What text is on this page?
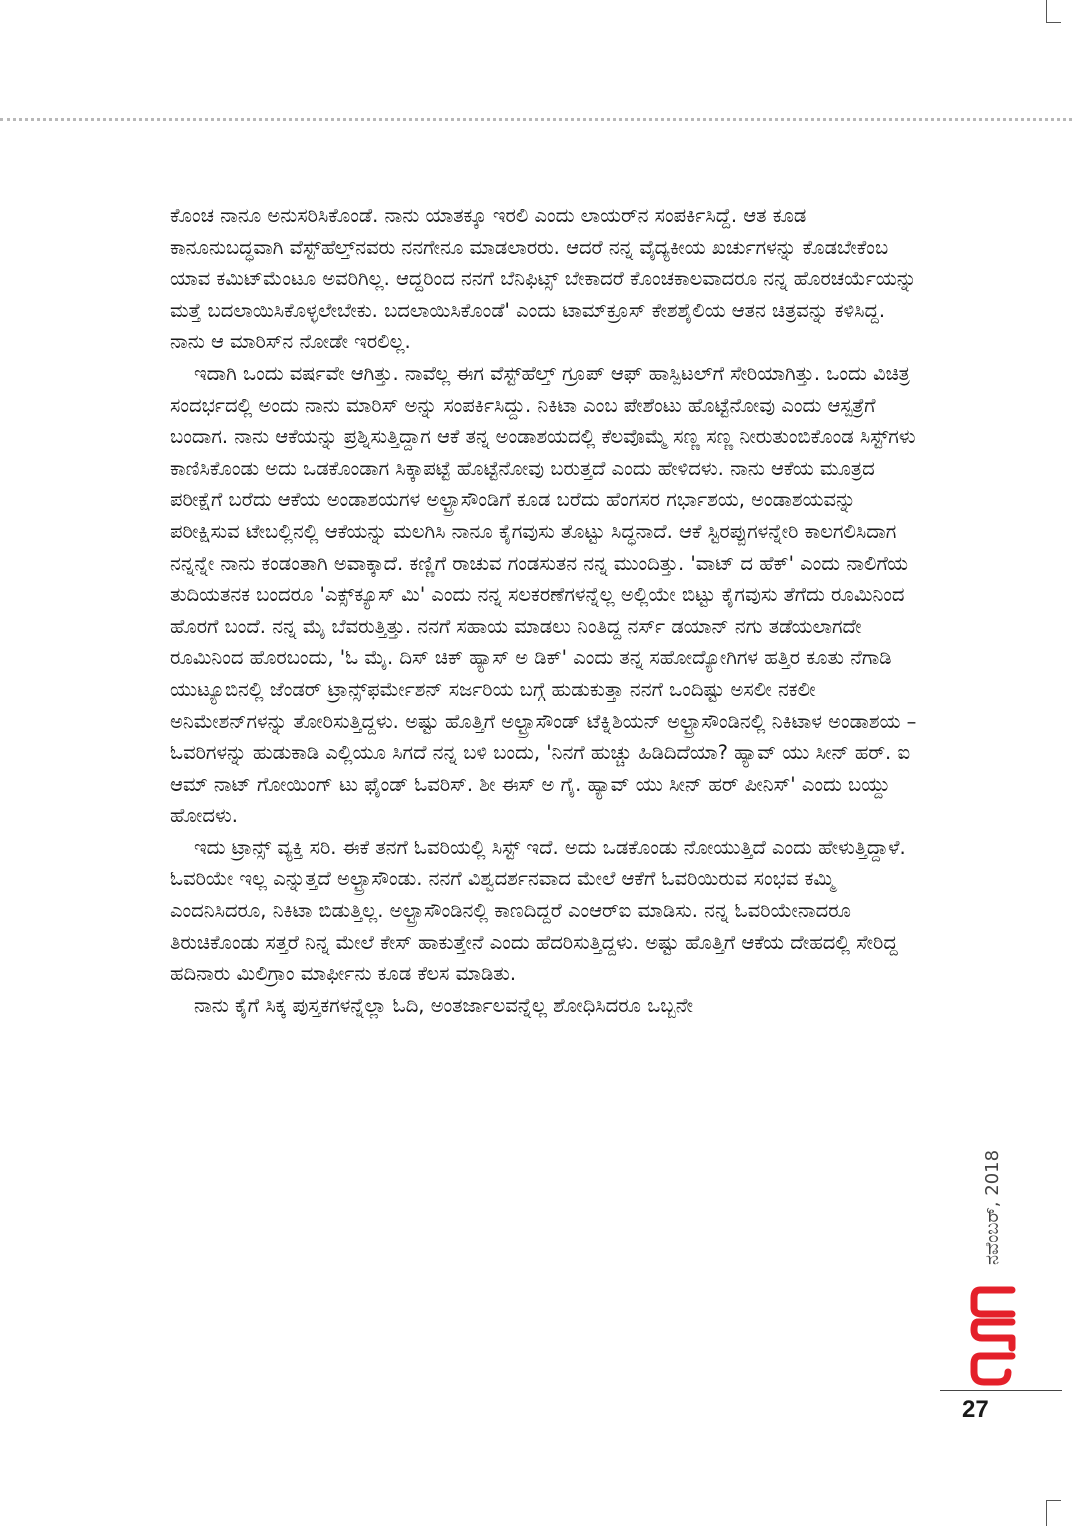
ಕೊಂಚ ನಾನೂ ಅನುಸರಿಸಿಕೊಂಡೆ. ನಾನು ಯಾತಕ್ಕೂ ಇರಲಿ ಎಂದು ಲಾಯರ್‌ನ ಸಂಪರ್ಕಿಸಿದ್ದೆ. ಆತ ಕೂಡ ಕಾನೂನುಬದ್ಧವಾಗಿ ವೆಸ್ಟ್‌ಹೆಲ್ತ್‌ನವರು ನನಗೇನೂ ಮಾಡಲಾರರು. ಆದರೆ ನನ್ನ ವೈದ್ಯಕೀಯ ಖರ್ಚುಗಳನ್ನು ಕೊಡಬೇಕೆಂಬ ಯಾವ ಕಮಿಟ್‌ಮೆಂಟೂ ಅವರಿಗಿಲ್ಲ. ಆದ್ದರಿಂದ ನನಗೆ ಬೆನಿಫಿಟ್ಸ್ ಬೇಕಾದರೆ ಕೊಂಚಕಾಲವಾದರೂ ನನ್ನ ಹೊರಚರ್ಯೆಯನ್ನು ಮತ್ತೆ ಬದಲಾಯಿಸಿಕೊಳ್ಳಲೇಬೇಕು. ಬದಲಾಯಿಸಿಕೊಂಡೆ' ಎಂದು ಟಾಮ್‌ಕ್ರೂಸ್ ಕೇಶಶೈಲಿಯ ಆತನ ಚಿತ್ರವನ್ನು ಕಳಿಸಿದ್ದ. ನಾನು ಆ ಮಾರಿಸ್‌ನ ನೋಡೇ ಇರಲಿಲ್ಲ.

ಇದಾಗಿ ಒಂದು ವರ್ಷವೇ ಆಗಿತ್ತು. ನಾವೆಲ್ಲ ಈಗ ವೆಸ್ಟ್‌ಹೆಲ್ತ್ ಗ್ರೂಪ್ ಆಫ್ ಹಾಸ್ಪಿಟಲ್‌ಗೆ ಸೇರಿಯಾಗಿತ್ತು. ಒಂದು ವಿಚಿತ್ರ ಸಂದರ್ಭದಲ್ಲಿ ಅಂದು ನಾನು ಮಾರಿಸ್ ಅನ್ನು ಸಂಪರ್ಕಿಸಿದ್ದು. ನಿಕಿಟಾ ಎಂಬ ಪೇಶೆಂಟು ಹೊಟ್ಟೆನೋವು ಎಂದು ಆಸ್ಪತ್ರೆಗೆ ಬಂದಾಗ. ನಾನು ಆಕೆಯನ್ನು ಪ್ರಶ್ನಿಸುತ್ತಿದ್ದಾಗ ಆಕೆ ತನ್ನ ಅಂಡಾಶಯದಲ್ಲಿ ಕೆಲವೊಮ್ಮೆ ಸಣ್ಣ ಸಣ್ಣ ನೀರುತುಂಬಿಕೊಂಡ ಸಿಸ್ಟ್‌ಗಳು ಕಾಣಿಸಿಕೊಂಡು ಅದು ಒಡಕೊಂಡಾಗ ಸಿಕ್ಕಾಪಟ್ಟೆ ಹೊಟ್ಟೆನೋವು ಬರುತ್ತದೆ ಎಂದು ಹೇಳಿದಳು. ನಾನು ಆಕೆಯ ಮೂತ್ರದ ಪರೀಕ್ಷೆಗೆ ಬರೆದು ಆಕೆಯ ಅಂಡಾಶಯಗಳ ಅಲ್ಟ್ರಾಸೌಂಡಿಗೆ ಕೂಡ ಬರೆದು ಹೆಂಗಸರ ಗರ್ಭಾಶಯ, ಅಂಡಾಶಯವನ್ನು ಪರೀಕ್ಷಿಸುವ ಟೇಬಲ್ಲಿನಲ್ಲಿ ಆಕೆಯನ್ನು ಮಲಗಿಸಿ ನಾನೂ ಕೈಗವುಸು ತೊಟ್ಟು ಸಿದ್ಧನಾದೆ. ಆಕೆ ಸ್ಟಿರಪ್ಪುಗಳನ್ನೇರಿ ಕಾಲಗಲಿಸಿದಾಗ ನನ್ನನ್ನೇ ನಾನು ಕಂಡಂತಾಗಿ ಅವಾಕ್ಕಾದೆ. ಕಣ್ಣಿಗೆ ರಾಚುವ ಗಂಡಸುತನ ನನ್ನ ಮುಂದಿತ್ತು. 'ವಾಟ್ ದ ಹೆಕ್' ಎಂದು ನಾಲಿಗೆಯ ತುದಿಯತನಕ ಬಂದರೂ 'ಎಕ್ಸ್‌ಕ್ಯೂಸ್ ಮಿ' ಎಂದು ನನ್ನ ಸಲಕರಣೆಗಳನ್ನೆಲ್ಲ ಅಲ್ಲಿಯೇ ಬಿಟ್ಟು ಕೈಗವುಸು ತೆಗೆದು ರೂಮಿನಿಂದ ಹೊರಗೆ ಬಂದೆ. ನನ್ನ ಮೈ ಬೆವರುತ್ತಿತ್ತು. ನನಗೆ ಸಹಾಯ ಮಾಡಲು ನಿಂತಿದ್ದ ನರ್ಸ್ ಡಯಾನ್ ನಗು ತಡೆಯಲಾಗದೇ ರೂಮಿನಿಂದ ಹೊರಬಂದು, 'ಓ ಮೈ. ದಿಸ್ ಚಿಕ್ ಹ್ಯಾಸ್ ಅ ಡಿಕ್' ಎಂದು ತನ್ನ ಸಹೋದ್ಯೋಗಿಗಳ ಹತ್ತಿರ ಕೂತು ನೆಗಾಡಿ ಯುಟ್ಯೂಬಿನಲ್ಲಿ ಜೆಂಡರ್ ಟ್ರಾನ್ಸ್‌ಫರ್ಮೇಶನ್ ಸರ್ಜರಿಯ ಬಗ್ಗೆ ಹುಡುಕುತ್ತಾ ನನಗೆ ಒಂದಿಷ್ಟು ಅಸಲೀ ನಕಲೀ ಅನಿಮೇಶನ್‌ಗಳನ್ನು ತೋರಿಸುತ್ತಿದ್ದಳು. ಅಷ್ಟು ಹೊತ್ತಿಗೆ ಅಲ್ಟ್ರಾಸೌಂಡ್ ಟೆಕ್ನಿಶಿಯನ್ ಅಲ್ಟ್ರಾಸೌಂಡಿನಲ್ಲಿ ನಿಕಿಟಾಳ ಅಂಡಾಶಯ – ಓವರಿಗಳನ್ನು ಹುಡುಕಾಡಿ ಎಲ್ಲಿಯೂ ಸಿಗದೆ ನನ್ನ ಬಳಿ ಬಂದು, 'ನಿನಗೆ ಹುಚ್ಚು ಹಿಡಿದಿದೆಯಾ? ಹ್ಯಾವ್ ಯು ಸೀನ್ ಹರ್. ಐ ಆಮ್ ನಾಟ್ ಗೋಯಿಂಗ್ ಟು ಫೈಂಡ್ ಓವರಿಸ್. ಶೀ ಈಸ್ ಅ ಗೈ. ಹ್ಯಾವ್ ಯು ಸೀನ್ ಹರ್ ಪೀನಿಸ್' ಎಂದು ಬಯ್ದು ಹೋದಳು.

ಇದು ಟ್ರಾನ್ಸ್ ವ್ಯಕ್ತಿ ಸರಿ. ಈಕೆ ತನಗೆ ಓವರಿಯಲ್ಲಿ ಸಿಸ್ಟ್ ಇದೆ. ಅದು ಒಡಕೊಂಡು ನೋಯುತ್ತಿದೆ ಎಂದು ಹೇಳುತ್ತಿದ್ದಾಳೆ. ಓವರಿಯೇ ಇಲ್ಲ ಎನ್ನುತ್ತದೆ ಅಲ್ಟ್ರಾಸೌಂಡು. ನನಗೆ ವಿಶ್ವದರ್ಶನವಾದ ಮೇಲೆ ಆಕೆಗೆ ಓವರಿಯಿರುವ ಸಂಭವ ಕಮ್ಮಿ ಎಂದನಿಸಿದರೂ, ನಿಕಿಟಾ ಬಿಡುತ್ತಿಲ್ಲ. ಅಲ್ಟ್ರಾಸೌಂಡಿನಲ್ಲಿ ಕಾಣದಿದ್ದರೆ ಎಂಆರ್‌ಐ ಮಾಡಿಸು. ನನ್ನ ಓವರಿಯೇನಾದರೂ ತಿರುಚಿಕೊಂಡು ಸತ್ತರೆ ನಿನ್ನ ಮೇಲೆ ಕೇಸ್ ಹಾಕುತ್ತೇನೆ ಎಂದು ಹೆದರಿಸುತ್ತಿದ್ದಳು. ಅಷ್ಟು ಹೊತ್ತಿಗೆ ಆಕೆಯ ದೇಹದಲ್ಲಿ ಸೇರಿದ್ದ ಹದಿನಾರು ಮಿಲಿಗ್ರಾಂ ಮಾರ್ಫೀನು ಕೂಡ ಕೆಲಸ ಮಾಡಿತು.

ನಾನು ಕೈಗೆ ಸಿಕ್ಕ ಪುಸ್ತಕಗಳನ್ನೆಲ್ಲಾ ಓದಿ, ಅಂತರ್ಜಾಲವನ್ನೆಲ್ಲ ಶೋಧಿಸಿದರೂ ಒಬ್ಬನೇ

ನವೆಂಬರ್, 2018
27
